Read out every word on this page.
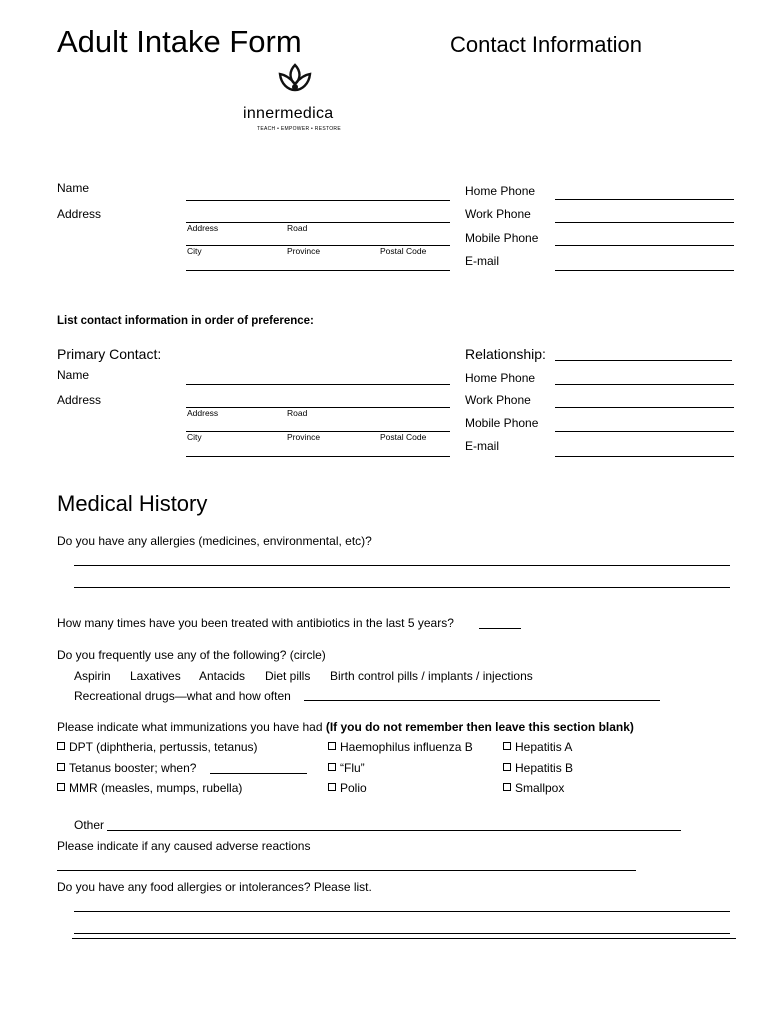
Adult Intake Form	Contact Information
innermedica
TEACH • EMPOWER • RESTORE
Name
Address
Address	Road
City	Province	Postal Code
Home Phone
Work Phone
Mobile Phone
E-mail
List contact information in order of preference:
Primary Contact:	Relationship:
Name
Address
Address	Road
City	Province	Postal Code
Home Phone
Work Phone
Mobile Phone
E-mail
Medical History
Do you have any allergies (medicines, environmental, etc)?
How many times have you been treated with antibiotics in the last 5 years?
Do you frequently use any of the following? (circle)
Aspirin Laxatives Antacids Diet pills Birth control pills / implants / injections
Recreational drugs—what and how often
Please indicate what immunizations you have had (If you do not remember then leave this section blank)
DPT (diphtheria, pertussis, tetanus)	Haemophilus influenza B	Hepatitis A
Tetanus booster; when?	“Flu”	Hepatitis B
MMR (measles, mumps, rubella)	Polio	Smallpox
Other
Please indicate if any caused adverse reactions
Do you have any food allergies or intolerances? Please list.
